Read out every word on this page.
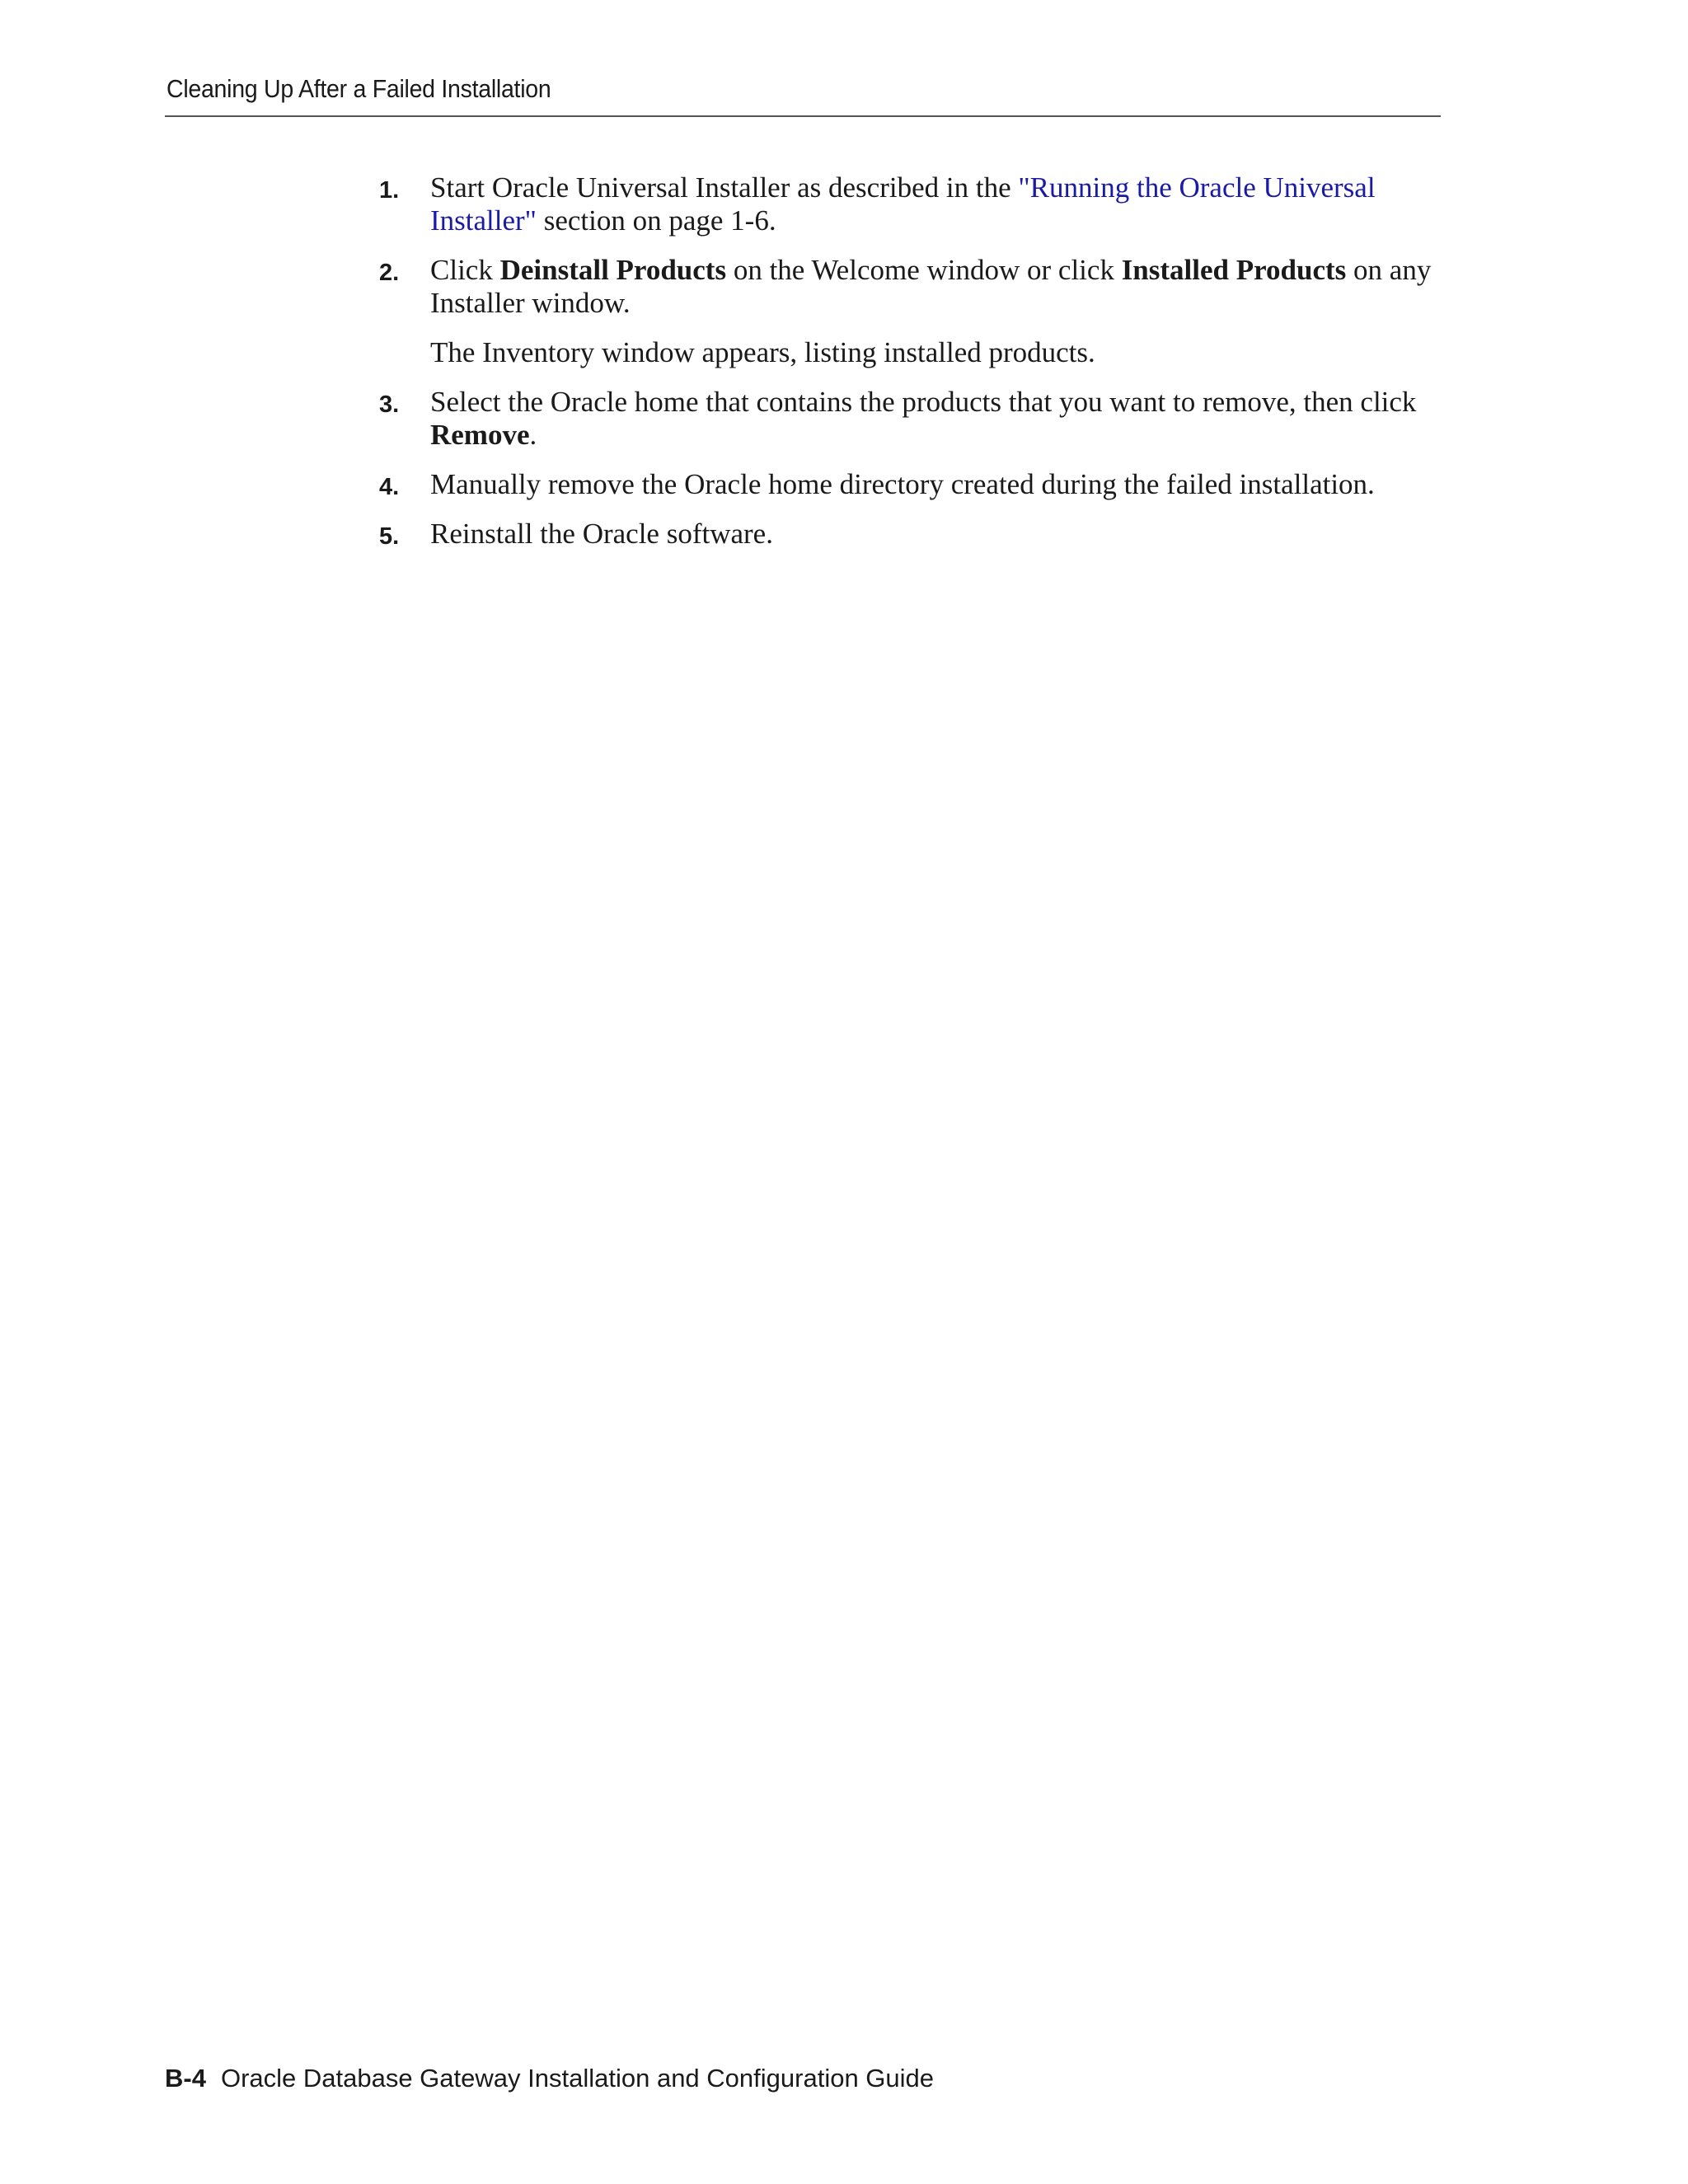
Cleaning Up After a Failed Installation
1. Start Oracle Universal Installer as described in the "Running the Oracle Universal Installer" section on page 1-6.
2. Click Deinstall Products on the Welcome window or click Installed Products on any Installer window.
The Inventory window appears, listing installed products.
3. Select the Oracle home that contains the products that you want to remove, then click Remove.
4. Manually remove the Oracle home directory created during the failed installation.
5. Reinstall the Oracle software.
B-4 Oracle Database Gateway Installation and Configuration Guide
